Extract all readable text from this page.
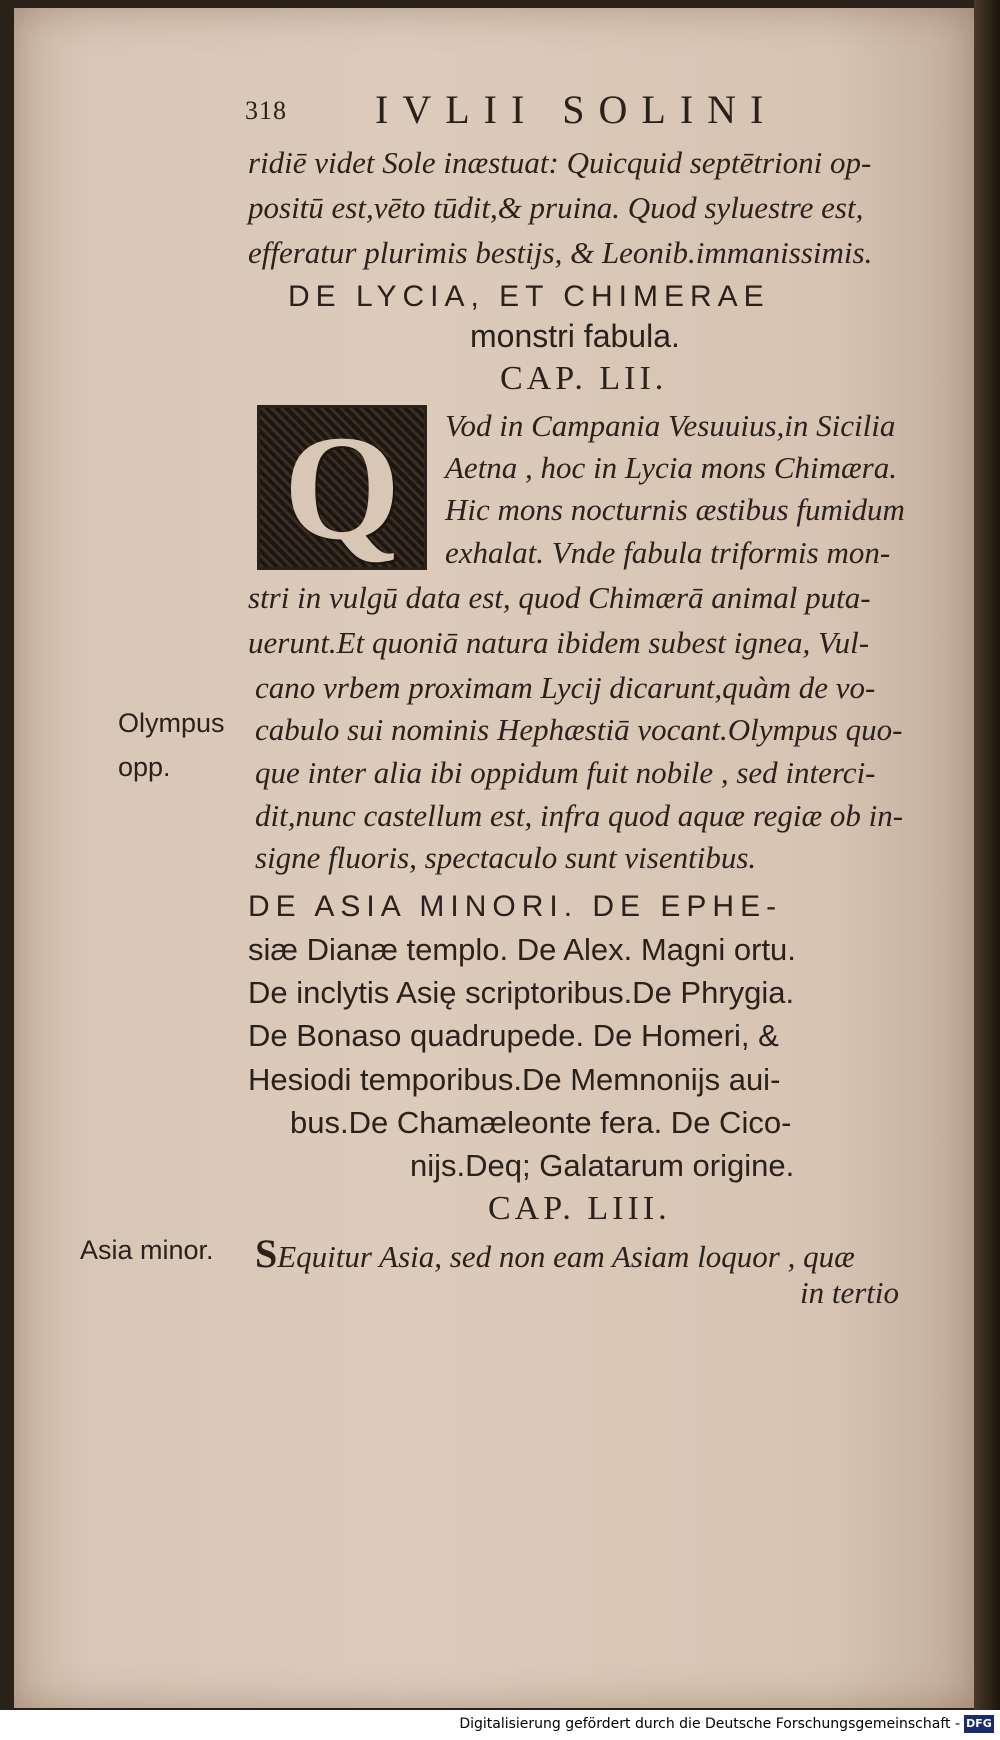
318 IVLII SOLINI
ridiē videt Sole inæstuat: Quicquid septētrioni op-
positū est,vēto tūdit,& pruina. Quod syluestre est,
efferatur plurimis bestijs, & Leonib.immanissimis.
DE LYCIA, ET CHIMERAE
monstri fabula.
CAP. LII.
Q Vod in Campania Vesuuius,in Sicilia
Aetna , hoc in Lycia mons Chimæra.
Hic mons nocturnis æstibus fumidum
exhalat. Vnde fabula triformis mon-
stri in vulgū data est, quod Chimærā animal puta-
uerunt.Et quoniā natura ibidem subest ignea, Vul-
cano vrbem proximam Lycij dicarunt,quàm de vo-
cabulo sui nominis Hephæstiā vocant.Olympus quo-
que inter alia ibi oppidum fuit nobile , sed interci-
dit,nunc castellum est, infra quod aquæ regiæ ob in-
signe fluoris, spectaculo sunt visentibus.
Olympus
opp.
DE ASIA MINORI. DE EPHE-
siæ Dianæ templo. De Alex. Magni ortu.
De inclytis Asię scriptoribus.De Phrygia.
De Bonaso quadrupede. De Homeri, &
Hesiodi temporibus.De Memnonijs aui-
bus.De Chamæleonte fera. De Cico-
nijs.Deq; Galatarum origine.
CAP. LIII.
Asia minor. SEquitur Asia, sed non eam Asiam loquor , quæ
in tertio
Digitalisierung gefördert durch die Deutsche Forschungsgemeinschaft - DFG
